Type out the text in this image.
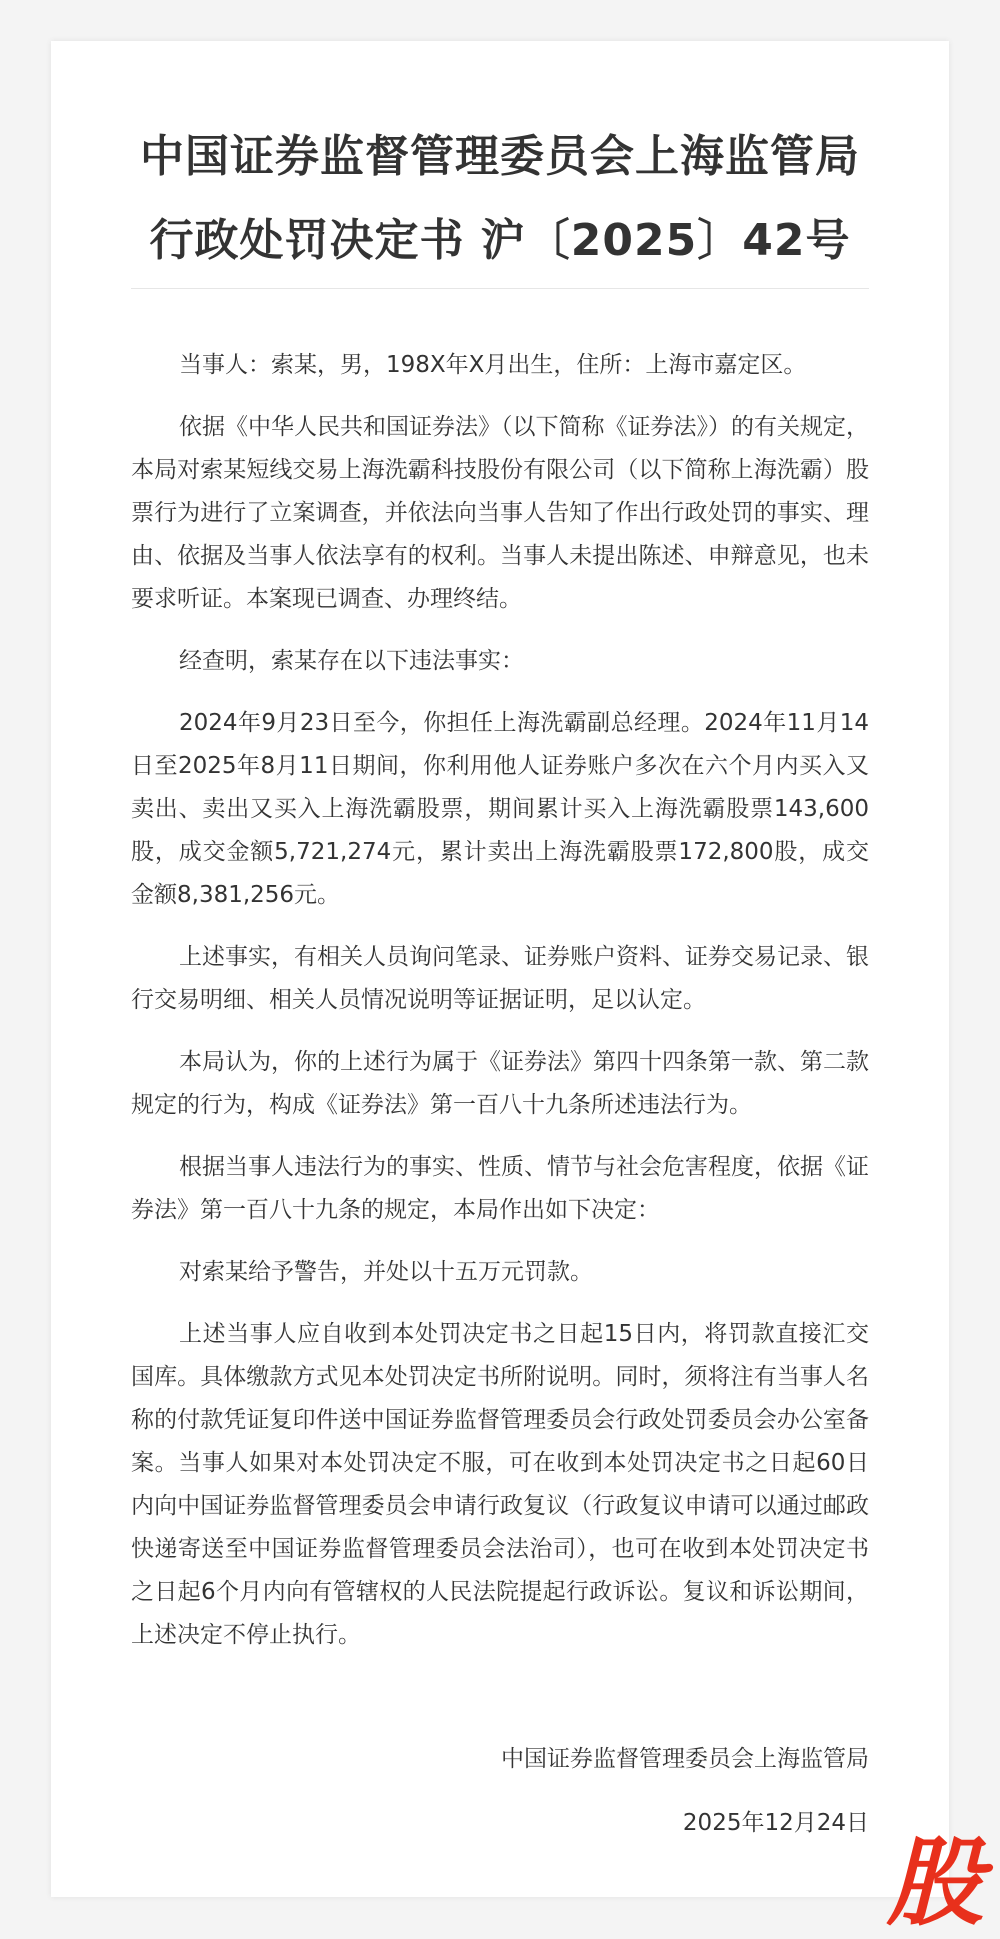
中国证券监督管理委员会上海监管局
行政处罚决定书 沪〔2025〕42号

当事人：索某，男，198X年X月出生，住所：上海市嘉定区。

依据《中华人民共和国证券法》（以下简称《证券法》）的有关规定，本局对索某短线交易上海洗霸科技股份有限公司（以下简称上海洗霸）股票行为进行了立案调查，并依法向当事人告知了作出行政处罚的事实、理由、依据及当事人依法享有的权利。当事人未提出陈述、申辩意见，也未要求听证。本案现已调查、办理终结。

经查明，索某存在以下违法事实：

2024年9月23日至今，你担任上海洗霸副总经理。2024年11月14日至2025年8月11日期间，你利用他人证券账户多次在六个月内买入又卖出、卖出又买入上海洗霸股票，期间累计买入上海洗霸股票143,600股，成交金额5,721,274元，累计卖出上海洗霸股票172,800股，成交金额8,381,256元。

上述事实，有相关人员询问笔录、证券账户资料、证券交易记录、银行交易明细、相关人员情况说明等证据证明，足以认定。

本局认为，你的上述行为属于《证券法》第四十四条第一款、第二款规定的行为，构成《证券法》第一百八十九条所述违法行为。

根据当事人违法行为的事实、性质、情节与社会危害程度，依据《证券法》第一百八十九条的规定，本局作出如下决定：

对索某给予警告，并处以十五万元罚款。

上述当事人应自收到本处罚决定书之日起15日内，将罚款直接汇交国库。具体缴款方式见本处罚决定书所附说明。同时，须将注有当事人名称的付款凭证复印件送中国证券监督管理委员会行政处罚委员会办公室备案。当事人如果对本处罚决定不服，可在收到本处罚决定书之日起60日内向中国证券监督管理委员会申请行政复议（行政复议申请可以通过邮政快递寄送至中国证券监督管理委员会法治司），也可在收到本处罚决定书之日起6个月内向有管辖权的人民法院提起行政诉讼。复议和诉讼期间，上述决定不停止执行。

中国证券监督管理委员会上海监管局
2025年12月24日
股
